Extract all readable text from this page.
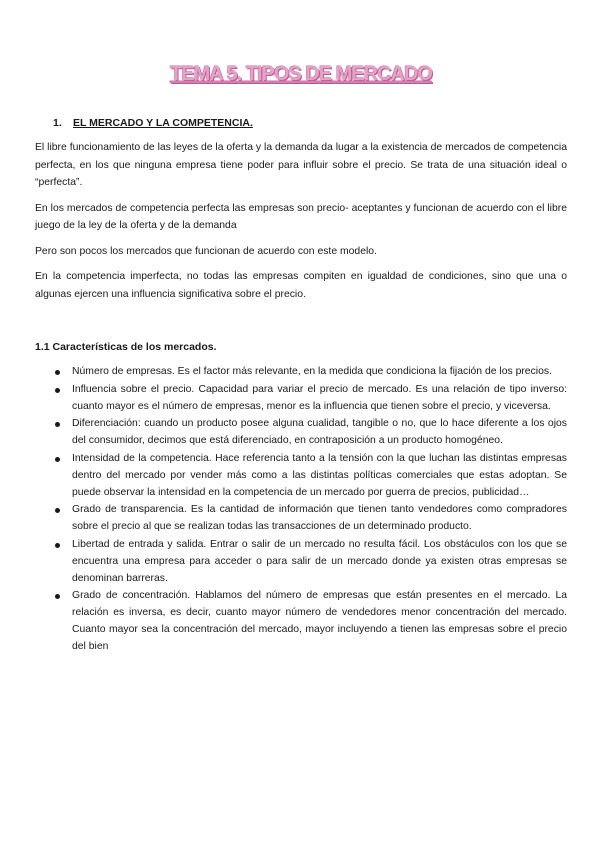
TEMA 5. TIPOS DE MERCADO
1. EL MERCADO Y LA COMPETENCIA.

El libre funcionamiento de las leyes de la oferta y la demanda da lugar a la existencia de mercados de competencia perfecta, en los que ninguna empresa tiene poder para influir sobre el precio. Se trata de una situación ideal o “perfecta”.

En los mercados de competencia perfecta las empresas son precio- aceptantes y funcionan de acuerdo con el libre juego de la ley de la oferta y de la demanda

Pero son pocos los mercados que funcionan de acuerdo con este modelo.

En la competencia imperfecta, no todas las empresas compiten en igualdad de condiciones, sino que una o algunas ejercen una influencia significativa sobre el precio.

1.1 Características de los mercados.
Número de empresas. Es el factor más relevante, en la medida que condiciona la fijación de los precios.
Influencia sobre el precio. Capacidad para variar el precio de mercado. Es una relación de tipo inverso: cuanto mayor es el número de empresas, menor es la influencia que tienen sobre el precio, y viceversa.
Diferenciación: cuando un producto posee alguna cualidad, tangible o no, que lo hace diferente a los ojos del consumidor, decimos que está diferenciado, en contraposición a un producto homogéneo.
Intensidad de la competencia. Hace referencia tanto a la tensión con la que luchan las distintas empresas dentro del mercado por vender más como a las distintas políticas comerciales que estas adoptan. Se puede observar la intensidad en la competencia de un mercado por guerra de precios, publicidad…
Grado de transparencia. Es la cantidad de información que tienen tanto vendedores como compradores sobre el precio al que se realizan todas las transacciones de un determinado producto.
Libertad de entrada y salida. Entrar o salir de un mercado no resulta fácil. Los obstáculos con los que se encuentra una empresa para acceder o para salir de un mercado donde ya existen otras empresas se denominan barreras.
Grado de concentración. Hablamos del número de empresas que están presentes en el mercado. La relación es inversa, es decir, cuanto mayor número de vendedores menor concentración del mercado. Cuanto mayor sea la concentración del mercado, mayor incluyendo a tienen las empresas sobre el precio del bien
